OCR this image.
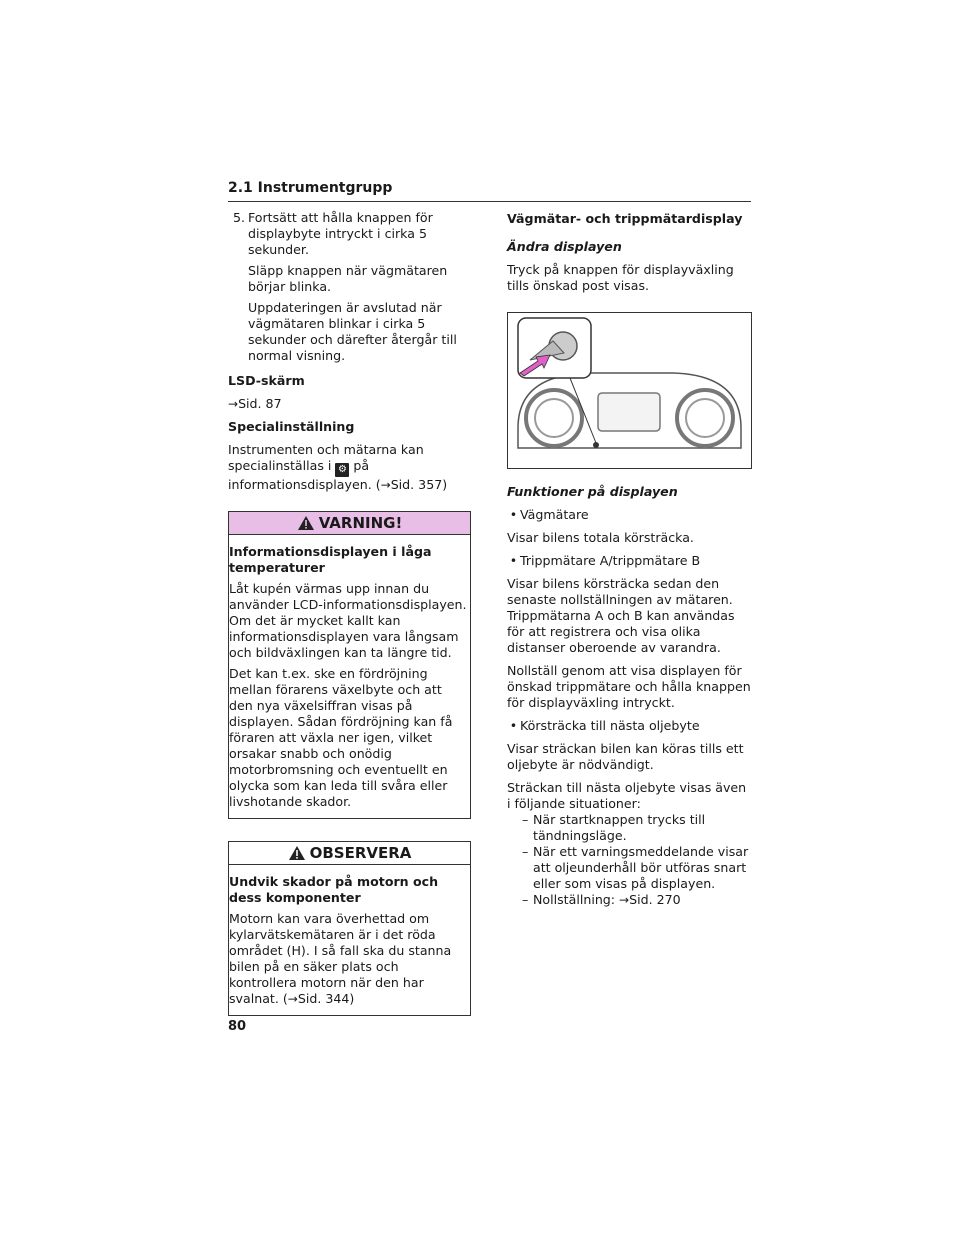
2.1 Instrumentgrupp
5. Fortsätt att hålla knappen för displaybyte intryckt i cirka 5 sekunder.

Släpp knappen när vägmätaren börjar blinka.

Uppdateringen är avslutad när vägmätaren blinkar i cirka 5 sekunder och därefter återgår till normal visning.

LSD-skärm

→Sid. 87

Specialinställning

Instrumenten och mätarna kan specialinställas i ⚙ på informationsdisplayen. (→Sid. 357)

VARNING!

Informationsdisplayen i låga temperaturer

Låt kupén värmas upp innan du använder LCD-informationsdisplayen. Om det är mycket kallt kan informationsdisplayen vara långsam och bildväxlingen kan ta längre tid.

Det kan t.ex. ske en fördröjning mellan förarens växelbyte och att den nya växelsiffran visas på displayen. Sådan fördröjning kan få föraren att växla ner igen, vilket orsakar snabb och onödig motorbromsning och eventuellt en olycka som kan leda till svåra eller livshotande skador.

OBSERVERA

Undvik skador på motorn och dess komponenter

Motorn kan vara överhettad om kylarvätskemätaren är i det röda området (H). I så fall ska du stanna bilen på en säker plats och kontrollera motorn när den har svalnat. (→Sid. 344)

Vägmätar- och trippmätardisplay

Ändra displayen

Tryck på knappen för displayväxling tills önskad post visas.

Funktioner på displayen

• Vägmätare

Visar bilens totala körsträcka.

• Trippmätare A/trippmätare B

Visar bilens körsträcka sedan den senaste nollställningen av mätaren. Trippmätarna A och B kan användas för att registrera och visa olika distanser oberoende av varandra.

Nollställ genom att visa displayen för önskad trippmätare och hålla knappen för displayväxling intryckt.

• Körsträcka till nästa oljebyte

Visar sträckan bilen kan köras tills ett oljebyte är nödvändigt.

Sträckan till nästa oljebyte visas även i följande situationer:

– När startknappen trycks till tändningsläge.
– När ett varningsmeddelande visar att oljeunderhåll bör utföras snart eller som visas på displayen.
– Nollställning: →Sid. 270
80
